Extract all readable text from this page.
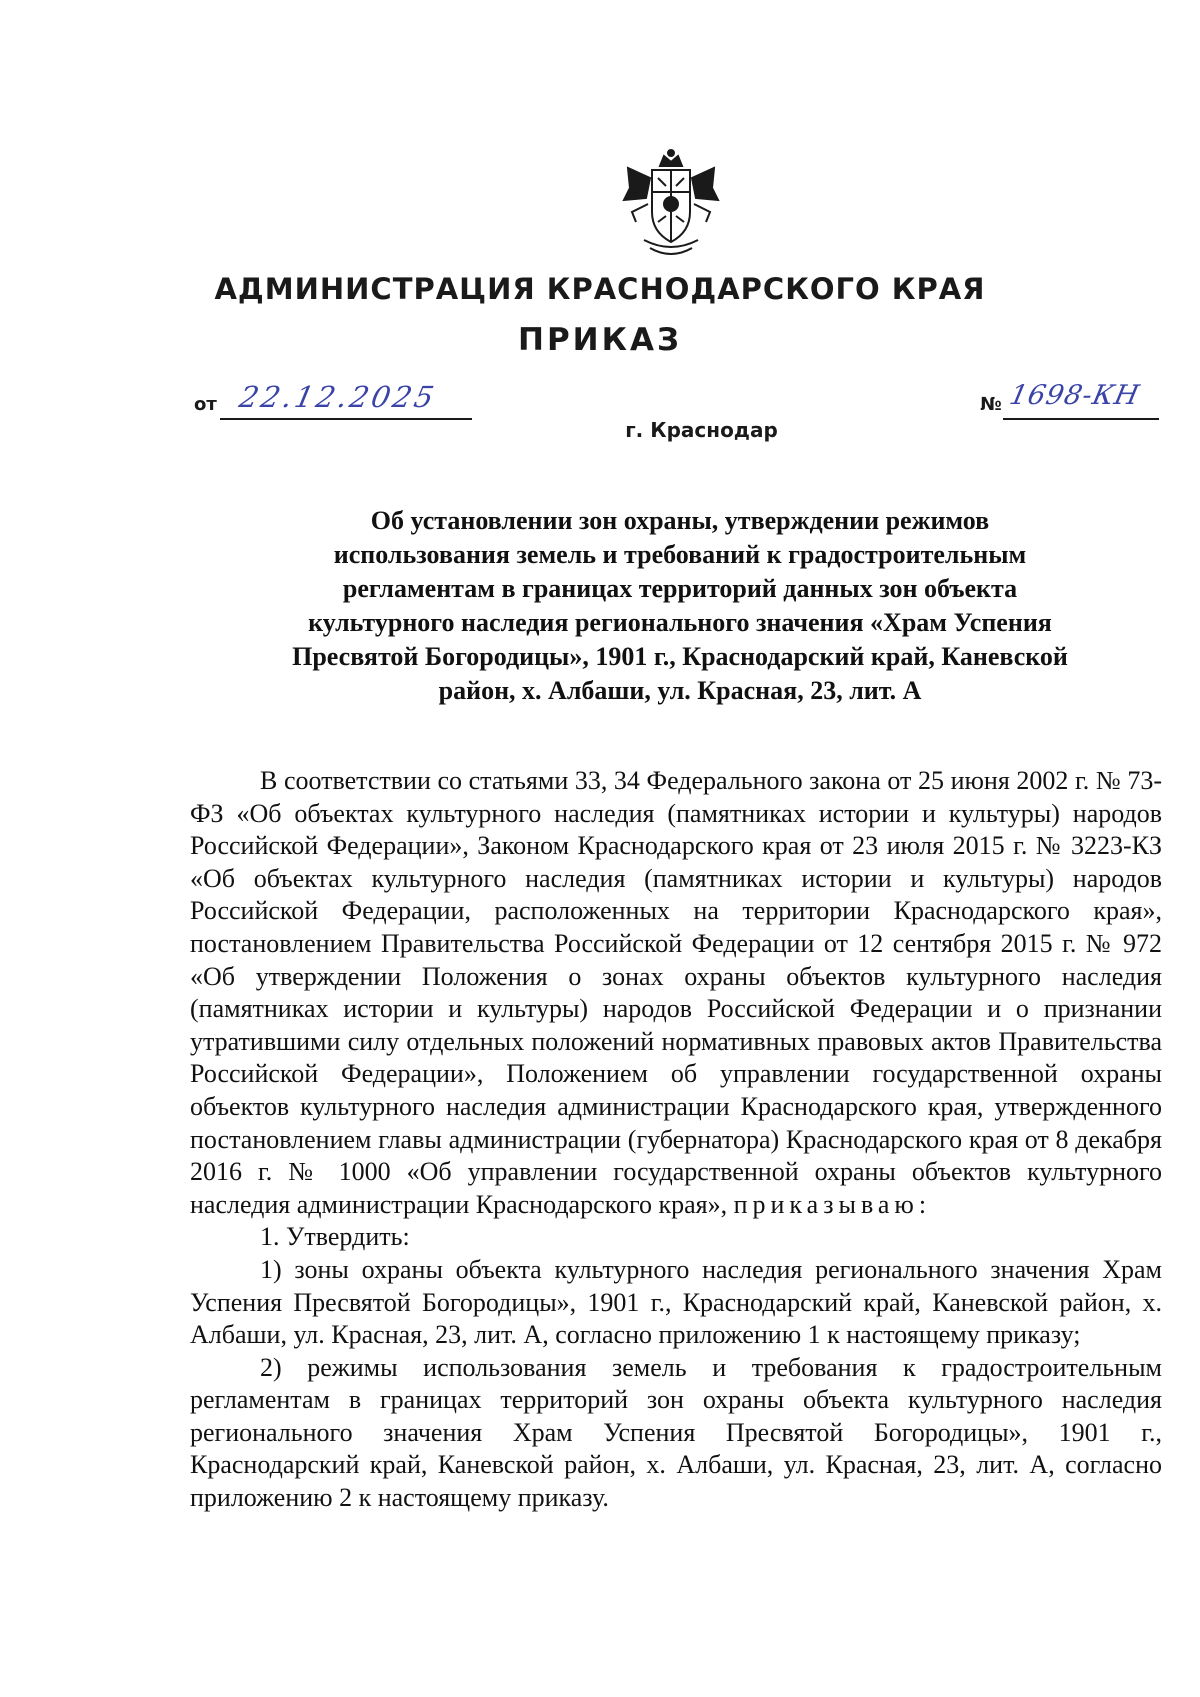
АДМИНИСТРАЦИЯ КРАСНОДАРСКОГО КРАЯ
ПРИКАЗ
от 22.12.2025	№ 1698-КН
г. Краснодар
Об установлении зон охраны, утверждении режимов использования земель и требований к градостроительным регламентам в границах территорий данных зон объекта культурного наследия регионального значения «Храм Успения Пресвятой Богородицы», 1901 г., Краснодарский край, Каневской район, х. Албаши, ул. Красная, 23, лит. А

В соответствии со статьями 33, 34 Федерального закона от 25 июня 2002 г. № 73-ФЗ «Об объектах культурного наследия (памятниках истории и культуры) народов Российской Федерации», Законом Краснодарского края от 23 июля 2015 г. № 3223-КЗ «Об объектах культурного наследия (памятниках истории и культуры) народов Российской Федерации, расположенных на территории Краснодарского края», постановлением Правительства Российской Федерации от 12 сентября 2015 г. № 972 «Об утверждении Положения о зонах охраны объектов культурного наследия (памятниках истории и культуры) народов Российской Федерации и о признании утратившими силу отдельных положений нормативных правовых актов Правительства Российской Федерации», Положением об управлении государственной охраны объектов культурного наследия администрации Краснодарского края, утвержденного постановлением главы администрации (губернатора) Краснодарского края от 8 декабря 2016 г. № 1000 «Об управлении государственной охраны объектов культурного наследия администрации Краснодарского края», приказываю:

1. Утвердить:

1) зоны охраны объекта культурного наследия регионального значения Храм Успения Пресвятой Богородицы», 1901 г., Краснодарский край, Каневской район, х. Албаши, ул. Красная, 23, лит. А, согласно приложению 1 к настоящему приказу;

2) режимы использования земель и требования к градостроительным регламентам в границах территорий зон охраны объекта культурного наследия регионального значения Храм Успения Пресвятой Богородицы», 1901 г., Краснодарский край, Каневской район, х. Албаши, ул. Красная, 23, лит. А, согласно приложению 2 к настоящему приказу.
